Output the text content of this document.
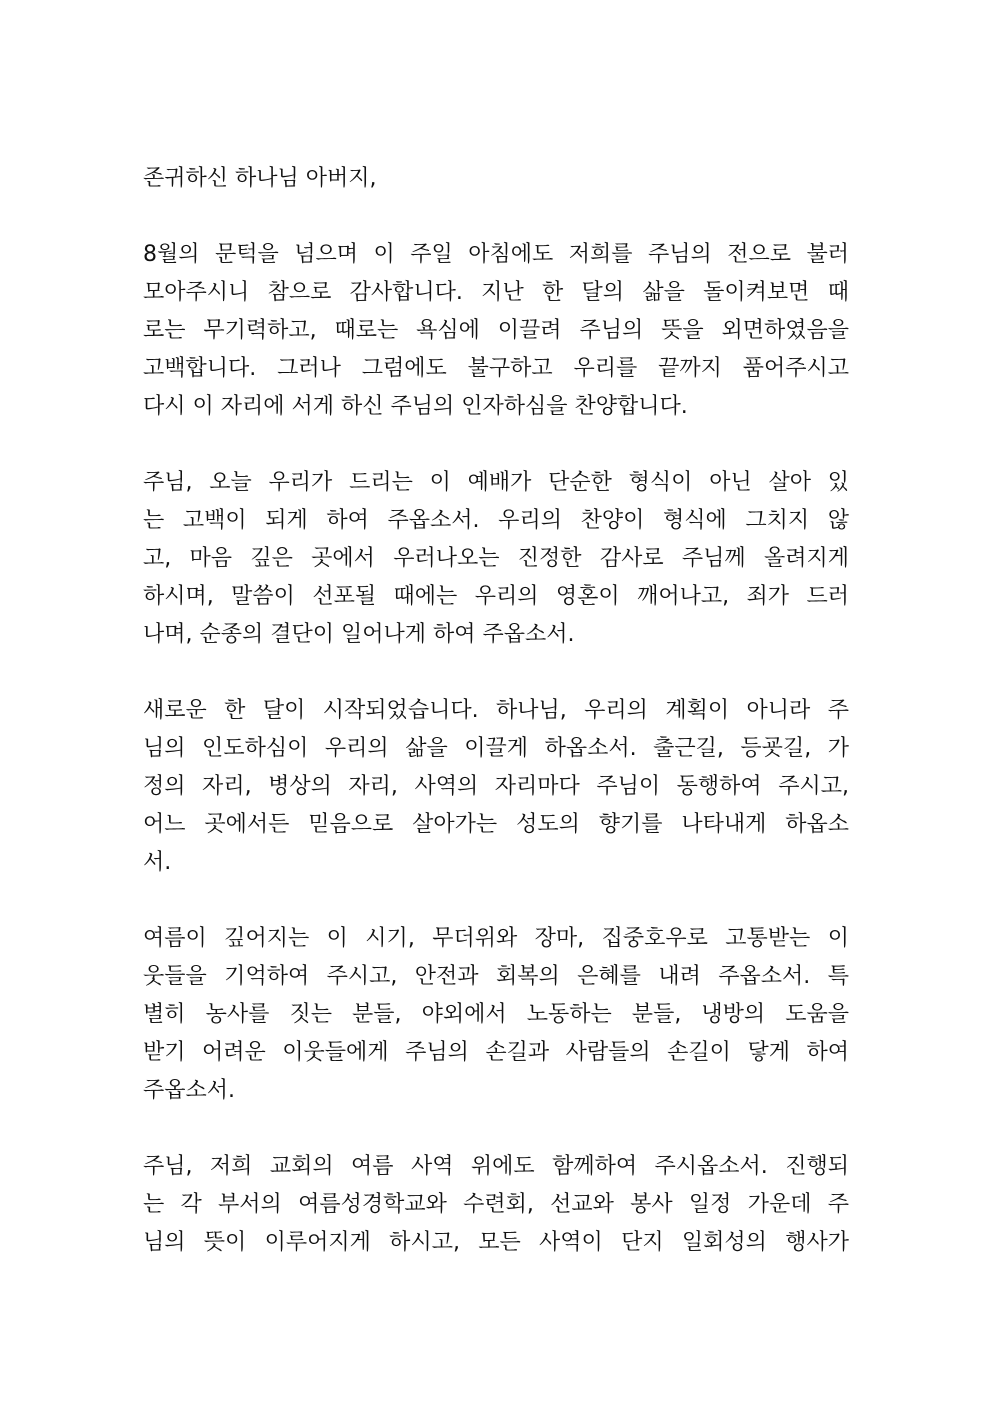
존귀하신 하나님 아버지,
8월의 문턱을 넘으며 이 주일 아침에도 저희를 주님의 전으로 불러
모아주시니 참으로 감사합니다. 지난 한 달의 삶을 돌이켜보면 때
로는 무기력하고, 때로는 욕심에 이끌려 주님의 뜻을 외면하였음을
고백합니다. 그러나 그럼에도 불구하고 우리를 끝까지 품어주시고
다시 이 자리에 서게 하신 주님의 인자하심을 찬양합니다.
주님, 오늘 우리가 드리는 이 예배가 단순한 형식이 아닌 살아 있
는 고백이 되게 하여 주옵소서. 우리의 찬양이 형식에 그치지 않
고, 마음 깊은 곳에서 우러나오는 진정한 감사로 주님께 올려지게
하시며, 말씀이 선포될 때에는 우리의 영혼이 깨어나고, 죄가 드러
나며, 순종의 결단이 일어나게 하여 주옵소서.
새로운 한 달이 시작되었습니다. 하나님, 우리의 계획이 아니라 주
님의 인도하심이 우리의 삶을 이끌게 하옵소서. 출근길, 등굣길, 가
정의 자리, 병상의 자리, 사역의 자리마다 주님이 동행하여 주시고,
어느 곳에서든 믿음으로 살아가는 성도의 향기를 나타내게 하옵소
서.
여름이 깊어지는 이 시기, 무더위와 장마, 집중호우로 고통받는 이
웃들을 기억하여 주시고, 안전과 회복의 은혜를 내려 주옵소서. 특
별히 농사를 짓는 분들, 야외에서 노동하는 분들, 냉방의 도움을
받기 어려운 이웃들에게 주님의 손길과 사람들의 손길이 닿게 하여
주옵소서.
주님, 저희 교회의 여름 사역 위에도 함께하여 주시옵소서. 진행되
는 각 부서의 여름성경학교와 수련회, 선교와 봉사 일정 가운데 주
님의 뜻이 이루어지게 하시고, 모든 사역이 단지 일회성의 행사가
